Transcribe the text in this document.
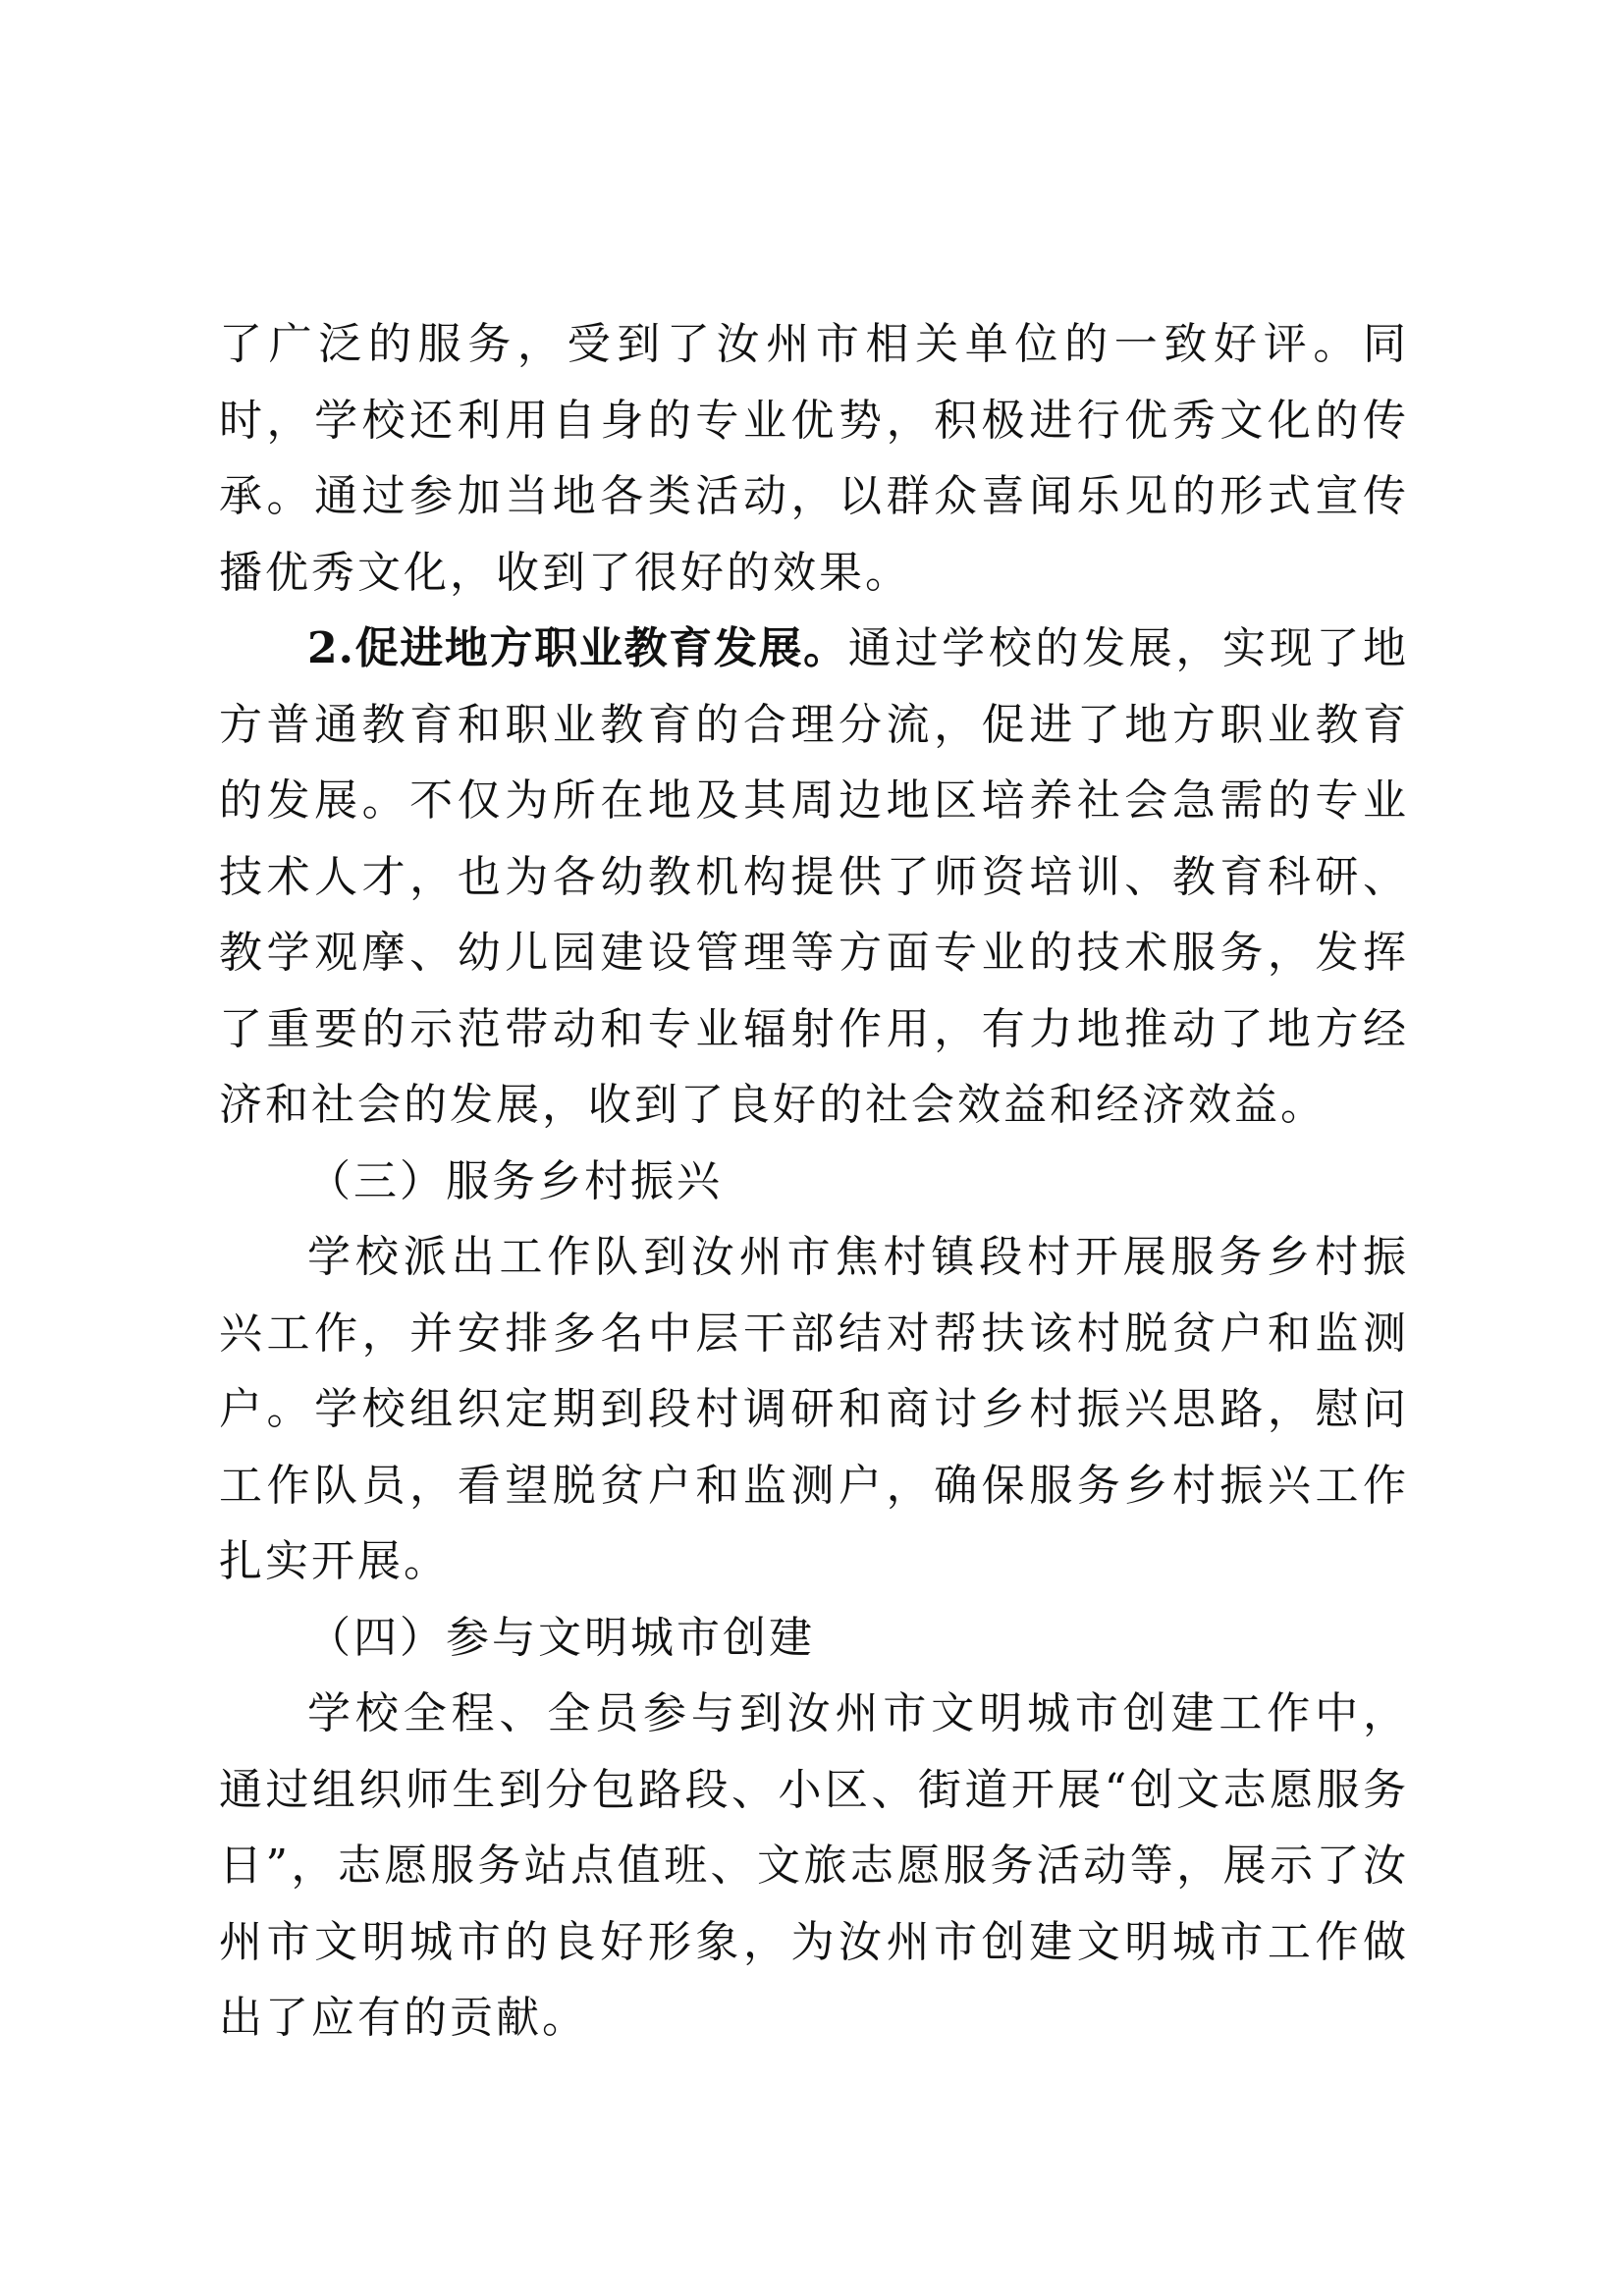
了广泛的服务，受到了汝州市相关单位的一致好评。同时，学校还利用自身的专业优势，积极进行优秀文化的传承。通过参加当地各类活动，以群众喜闻乐见的形式宣传播优秀文化，收到了很好的效果。

2.促进地方职业教育发展。通过学校的发展，实现了地方普通教育和职业教育的合理分流，促进了地方职业教育的发展。不仅为所在地及其周边地区培养社会急需的专业技术人才，也为各幼教机构提供了师资培训、教育科研、教学观摩、幼儿园建设管理等方面专业的技术服务，发挥了重要的示范带动和专业辐射作用，有力地推动了地方经济和社会的发展，收到了良好的社会效益和经济效益。

（三）服务乡村振兴

学校派出工作队到汝州市焦村镇段村开展服务乡村振兴工作，并安排多名中层干部结对帮扶该村脱贫户和监测户。学校组织定期到段村调研和商讨乡村振兴思路，慰问工作队员，看望脱贫户和监测户，确保服务乡村振兴工作扎实开展。

（四）参与文明城市创建

学校全程、全员参与到汝州市文明城市创建工作中，通过组织师生到分包路段、小区、街道开展“创文志愿服务日”，志愿服务站点值班、文旅志愿服务活动等，展示了汝州市文明城市的良好形象，为汝州市创建文明城市工作做出了应有的贡献。
